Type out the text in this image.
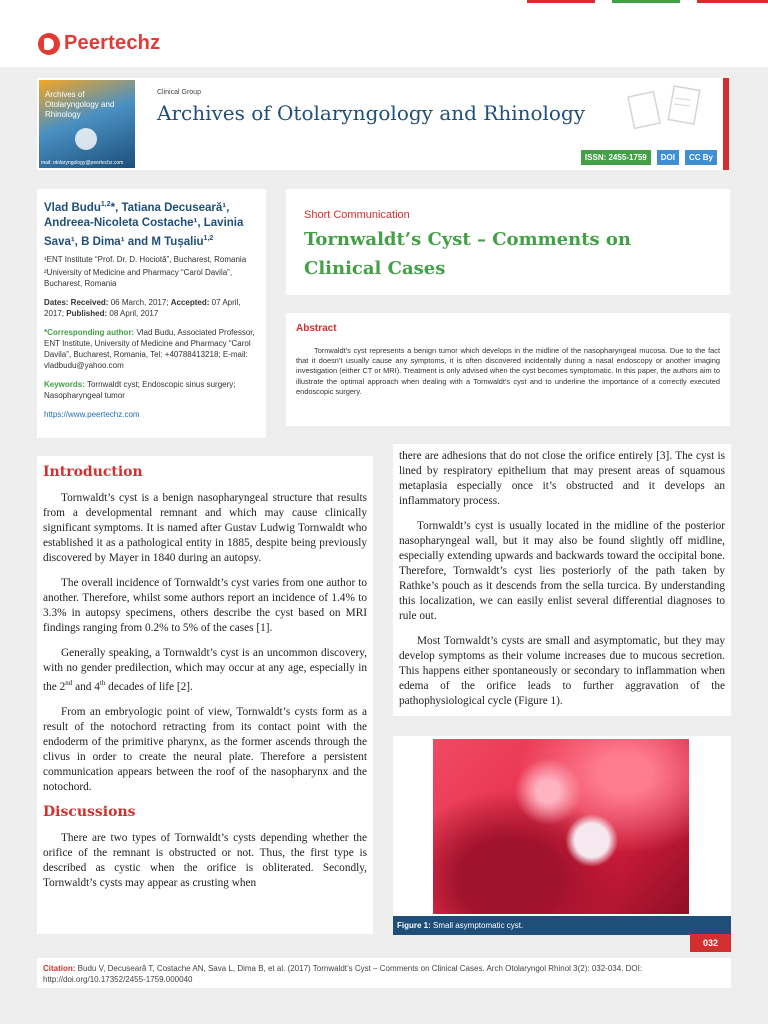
Peertechz
Archives of Otolaryngology and Rhinology
mail: otolaryngology@peertechz.com
Clinical Group
Archives of Otolaryngology and Rhinology
ISSN: 2455-1759	DOI	CC By
Vlad Budu$^{1,2}$*, Tatiana Decuseară¹, Andreea-Nicoleta Costache¹, Lavinia Sava¹, B Dima¹ and M Tușaliu$^{1,2}$
¹ENT Institute “Prof. Dr. D. Hociotă”, Bucharest, Romania
²University of Medicine and Pharmacy “Carol Davila”, Bucharest, Romania
Dates: Received: 06 March, 2017; Accepted: 07 April, 2017; Published: 08 April, 2017
*Corresponding author: Vlad Budu, Associated Professor, ENT Institute, University of Medicine and Pharmacy “Carol Davila”, Bucharest, Romania, Tel: +40788413218; E-mail: vladbudu@yahoo.com
Keywords: Tornwaldt cyst; Endoscopic sinus surgery; Nasopharyngeal tumor
https://www.peertechz.com
Short Communication
Tornwaldt’s Cyst – Comments on Clinical Cases
Abstract
Tornwaldt’s cyst represents a benign tumor which develops in the midline of the nasopharyngeal mucosa. Due to the fact that it doesn’t usually cause any symptoms, it is often discovered incidentally during a nasal endoscopy or another imaging investigation (either CT or MRI). Treatment is only advised when the cyst becomes symptomatic. In this paper, the authors aim to illustrate the optimal approach when dealing with a Tornwaldt’s cyst and to underline the importance of a correctly executed endoscopic surgery.
Introduction

Tornwaldt’s cyst is a benign nasopharyngeal structure that results from a developmental remnant and which may cause clinically significant symptoms. It is named after Gustav Ludwig Tornwaldt who established it as a pathological entity in 1885, despite being previously discovered by Mayer in 1840 during an autopsy.

The overall incidence of Tornwaldt’s cyst varies from one author to another. Therefore, whilst some authors report an incidence of 1.4% to 3.3% in autopsy specimens, others describe the cyst based on MRI findings ranging from 0.2% to 5% of the cases [1].

Generally speaking, a Tornwaldt’s cyst is an uncommon discovery, with no gender predilection, which may occur at any age, especially in the 2nd and 4th decades of life [2].

From an embryologic point of view, Tornwaldt’s cysts form as a result of the notochord retracting from its contact point with the endoderm of the primitive pharynx, as the former ascends through the clivus in order to create the neural plate. Therefore a persistent communication appears between the roof of the nasopharynx and the notochord.

Discussions

There are two types of Tornwaldt’s cysts depending whether the orifice of the remnant is obstructed or not. Thus, the first type is described as cystic when the orifice is obliterated. Secondly, Tornwaldt’s cysts may appear as crusting when

there are adhesions that do not close the orifice entirely [3]. The cyst is lined by respiratory epithelium that may present areas of squamous metaplasia especially once it’s obstructed and it develops an inflammatory process.

Tornwaldt’s cyst is usually located in the midline of the posterior nasopharyngeal wall, but it may also be found slightly off midline, especially extending upwards and backwards toward the occipital bone. Therefore, Tornwaldt’s cyst lies posteriorly of the path taken by Rathke’s pouch as it descends from the sella turcica. By understanding this localization, we can easily enlist several differential diagnoses to rule out.

Most Tornwaldt’s cysts are small and asymptomatic, but they may develop symptoms as their volume increases due to mucous secretion. This happens either spontaneously or secondary to inflammation when edema of the orifice leads to further aggravation of the pathophysiological cycle (Figure 1).

Figure 1: Small asymptomatic cyst.
032
Citation: Budu V, Decuseară T, Costache AN, Sava L, Dima B, et al. (2017) Tornwaldt’s Cyst – Comments on Clinical Cases. Arch Otolaryngol Rhinol 3(2): 032-034. DOI: http://doi.org/10.17352/2455-1759.000040
